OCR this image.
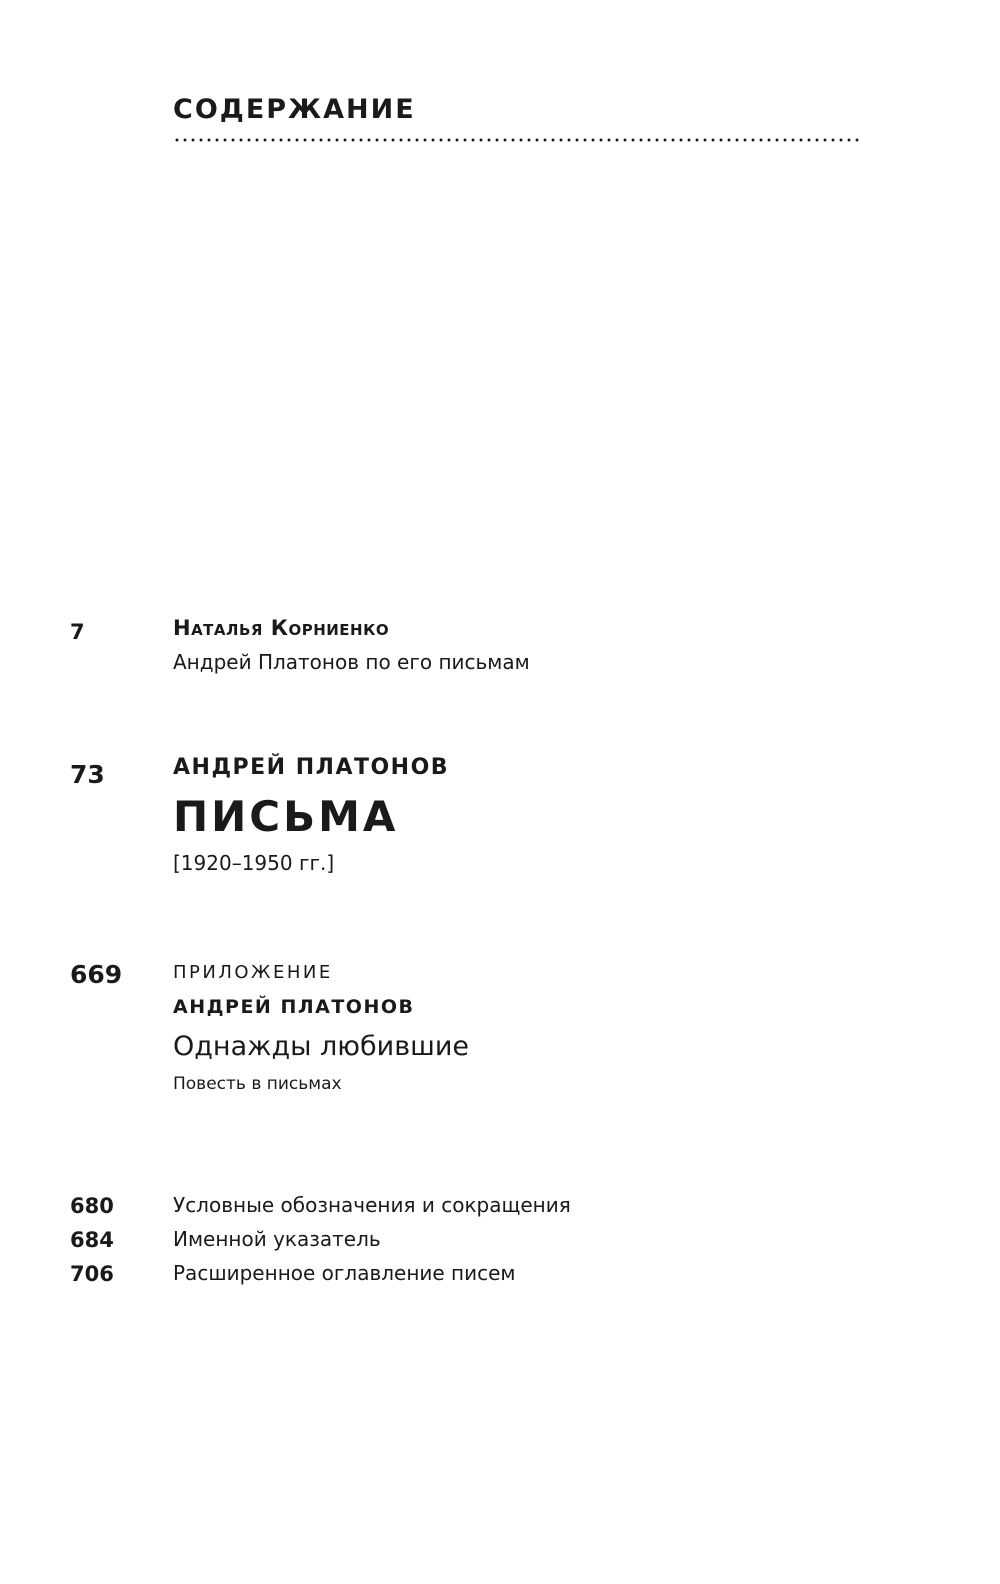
СОДЕРЖАНИЕ
7	Наталья Корниенко
Андрей Платонов по его письмам
73	АНДРЕЙ ПЛАТОНОВ
ПИСЬМА
[1920–1950 гг.]
669	ПРИЛОЖЕНИЕ
АНДРЕЙ ПЛАТОНОВ
Однажды любившие
Повесть в письмах
680	Условные обозначения и сокращения
684	Именной указатель
706	Расширенное оглавление писем
